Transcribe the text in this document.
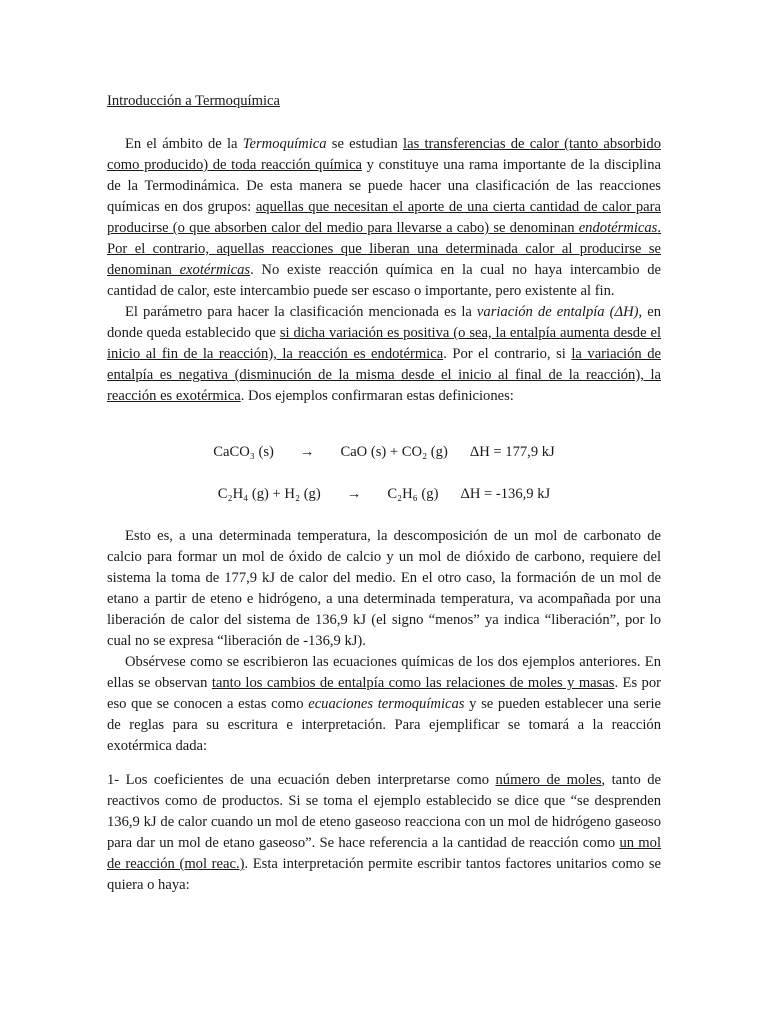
Introducción a Termoquímica

En el ámbito de la Termoquímica se estudian las transferencias de calor (tanto absorbido como producido) de toda reacción química y constituye una rama importante de la disciplina de la Termodinámica. De esta manera se puede hacer una clasificación de las reacciones químicas en dos grupos: aquellas que necesitan el aporte de una cierta cantidad de calor para producirse (o que absorben calor del medio para llevarse a cabo) se denominan endotérmicas. Por el contrario, aquellas reacciones que liberan una determinada calor al producirse se denominan exotérmicas. No existe reacción química en la cual no haya intercambio de cantidad de calor, este intercambio puede ser escaso o importante, pero existente al fin.

El parámetro para hacer la clasificación mencionada es la variación de entalpía (ΔH), en donde queda establecido que si dicha variación es positiva (o sea, la entalpía aumenta desde el inicio al fin de la reacción), la reacción es endotérmica. Por el contrario, si la variación de entalpía es negativa (disminución de la misma desde el inicio al final de la reacción), la reacción es exotérmica. Dos ejemplos confirmaran estas definiciones:

CaCO₃ (s) → CaO (s) + CO₂ (g) ΔH = 177,9 kJ
C₂H₄ (g) + H₂ (g) → C₂H₆ (g) ΔH = -136,9 kJ

Esto es, a una determinada temperatura, la descomposición de un mol de carbonato de calcio para formar un mol de óxido de calcio y un mol de dióxido de carbono, requiere del sistema la toma de 177,9 kJ de calor del medio. En el otro caso, la formación de un mol de etano a partir de eteno e hidrógeno, a una determinada temperatura, va acompañada por una liberación de calor del sistema de 136,9 kJ (el signo “menos” ya indica “liberación”, por lo cual no se expresa “liberación de -136,9 kJ).

Obsérvese como se escribieron las ecuaciones químicas de los dos ejemplos anteriores. En ellas se observan tanto los cambios de entalpía como las relaciones de moles y masas. Es por eso que se conocen a estas como ecuaciones termoquímicas y se pueden establecer una serie de reglas para su escritura e interpretación. Para ejemplificar se tomará a la reacción exotérmica dada:

1- Los coeficientes de una ecuación deben interpretarse como número de moles, tanto de reactivos como de productos. Si se toma el ejemplo establecido se dice que “se desprenden 136,9 kJ de calor cuando un mol de eteno gaseoso reacciona con un mol de hidrógeno gaseoso para dar un mol de etano gaseoso”. Se hace referencia a la cantidad de reacción como un mol de reacción (mol reac.). Esta interpretación permite escribir tantos factores unitarios como se quiera o haya:
